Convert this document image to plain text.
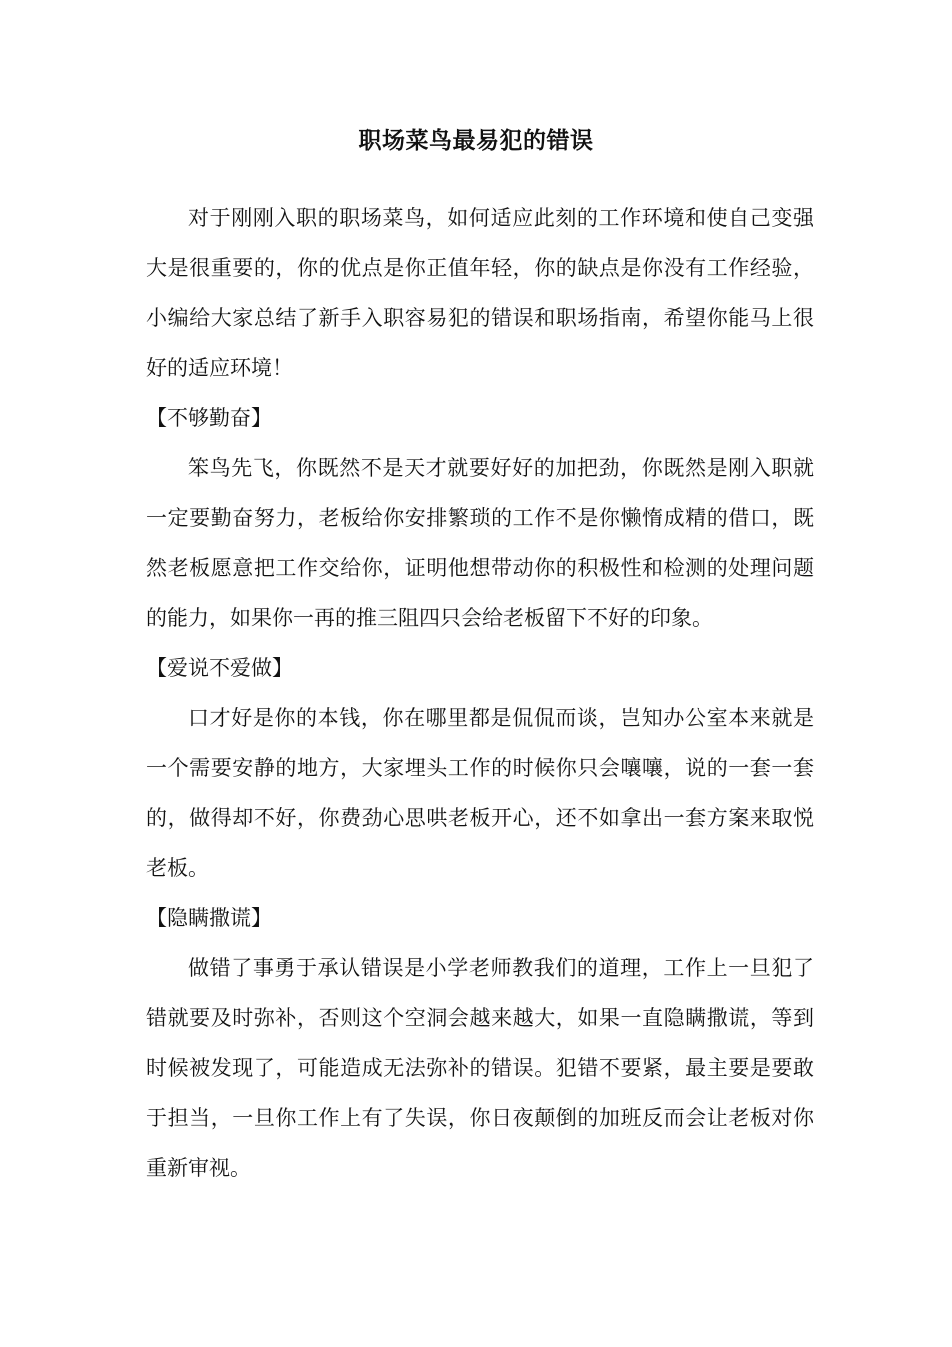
职场菜鸟最易犯的错误

对于刚刚入职的职场菜鸟，如何适应此刻的工作环境和使自己变强大是很重要的，你的优点是你正值年轻，你的缺点是你没有工作经验，小编给大家总结了新手入职容易犯的错误和职场指南，希望你能马上很好的适应环境！

【不够勤奋】

笨鸟先飞，你既然不是天才就要好好的加把劲，你既然是刚入职就一定要勤奋努力，老板给你安排繁琐的工作不是你懒惰成精的借口，既然老板愿意把工作交给你，证明他想带动你的积极性和检测的处理问题的能力，如果你一再的推三阻四只会给老板留下不好的印象。

【爱说不爱做】

口才好是你的本钱，你在哪里都是侃侃而谈，岂知办公室本来就是一个需要安静的地方，大家埋头工作的时候你只会嚷嚷，说的一套一套的，做得却不好，你费劲心思哄老板开心，还不如拿出一套方案来取悦老板。

【隐瞒撒谎】

做错了事勇于承认错误是小学老师教我们的道理，工作上一旦犯了错就要及时弥补，否则这个空洞会越来越大，如果一直隐瞒撒谎，等到时候被发现了，可能造成无法弥补的错误。犯错不要紧，最主要是要敢于担当，一旦你工作上有了失误，你日夜颠倒的加班反而会让老板对你重新审视。
